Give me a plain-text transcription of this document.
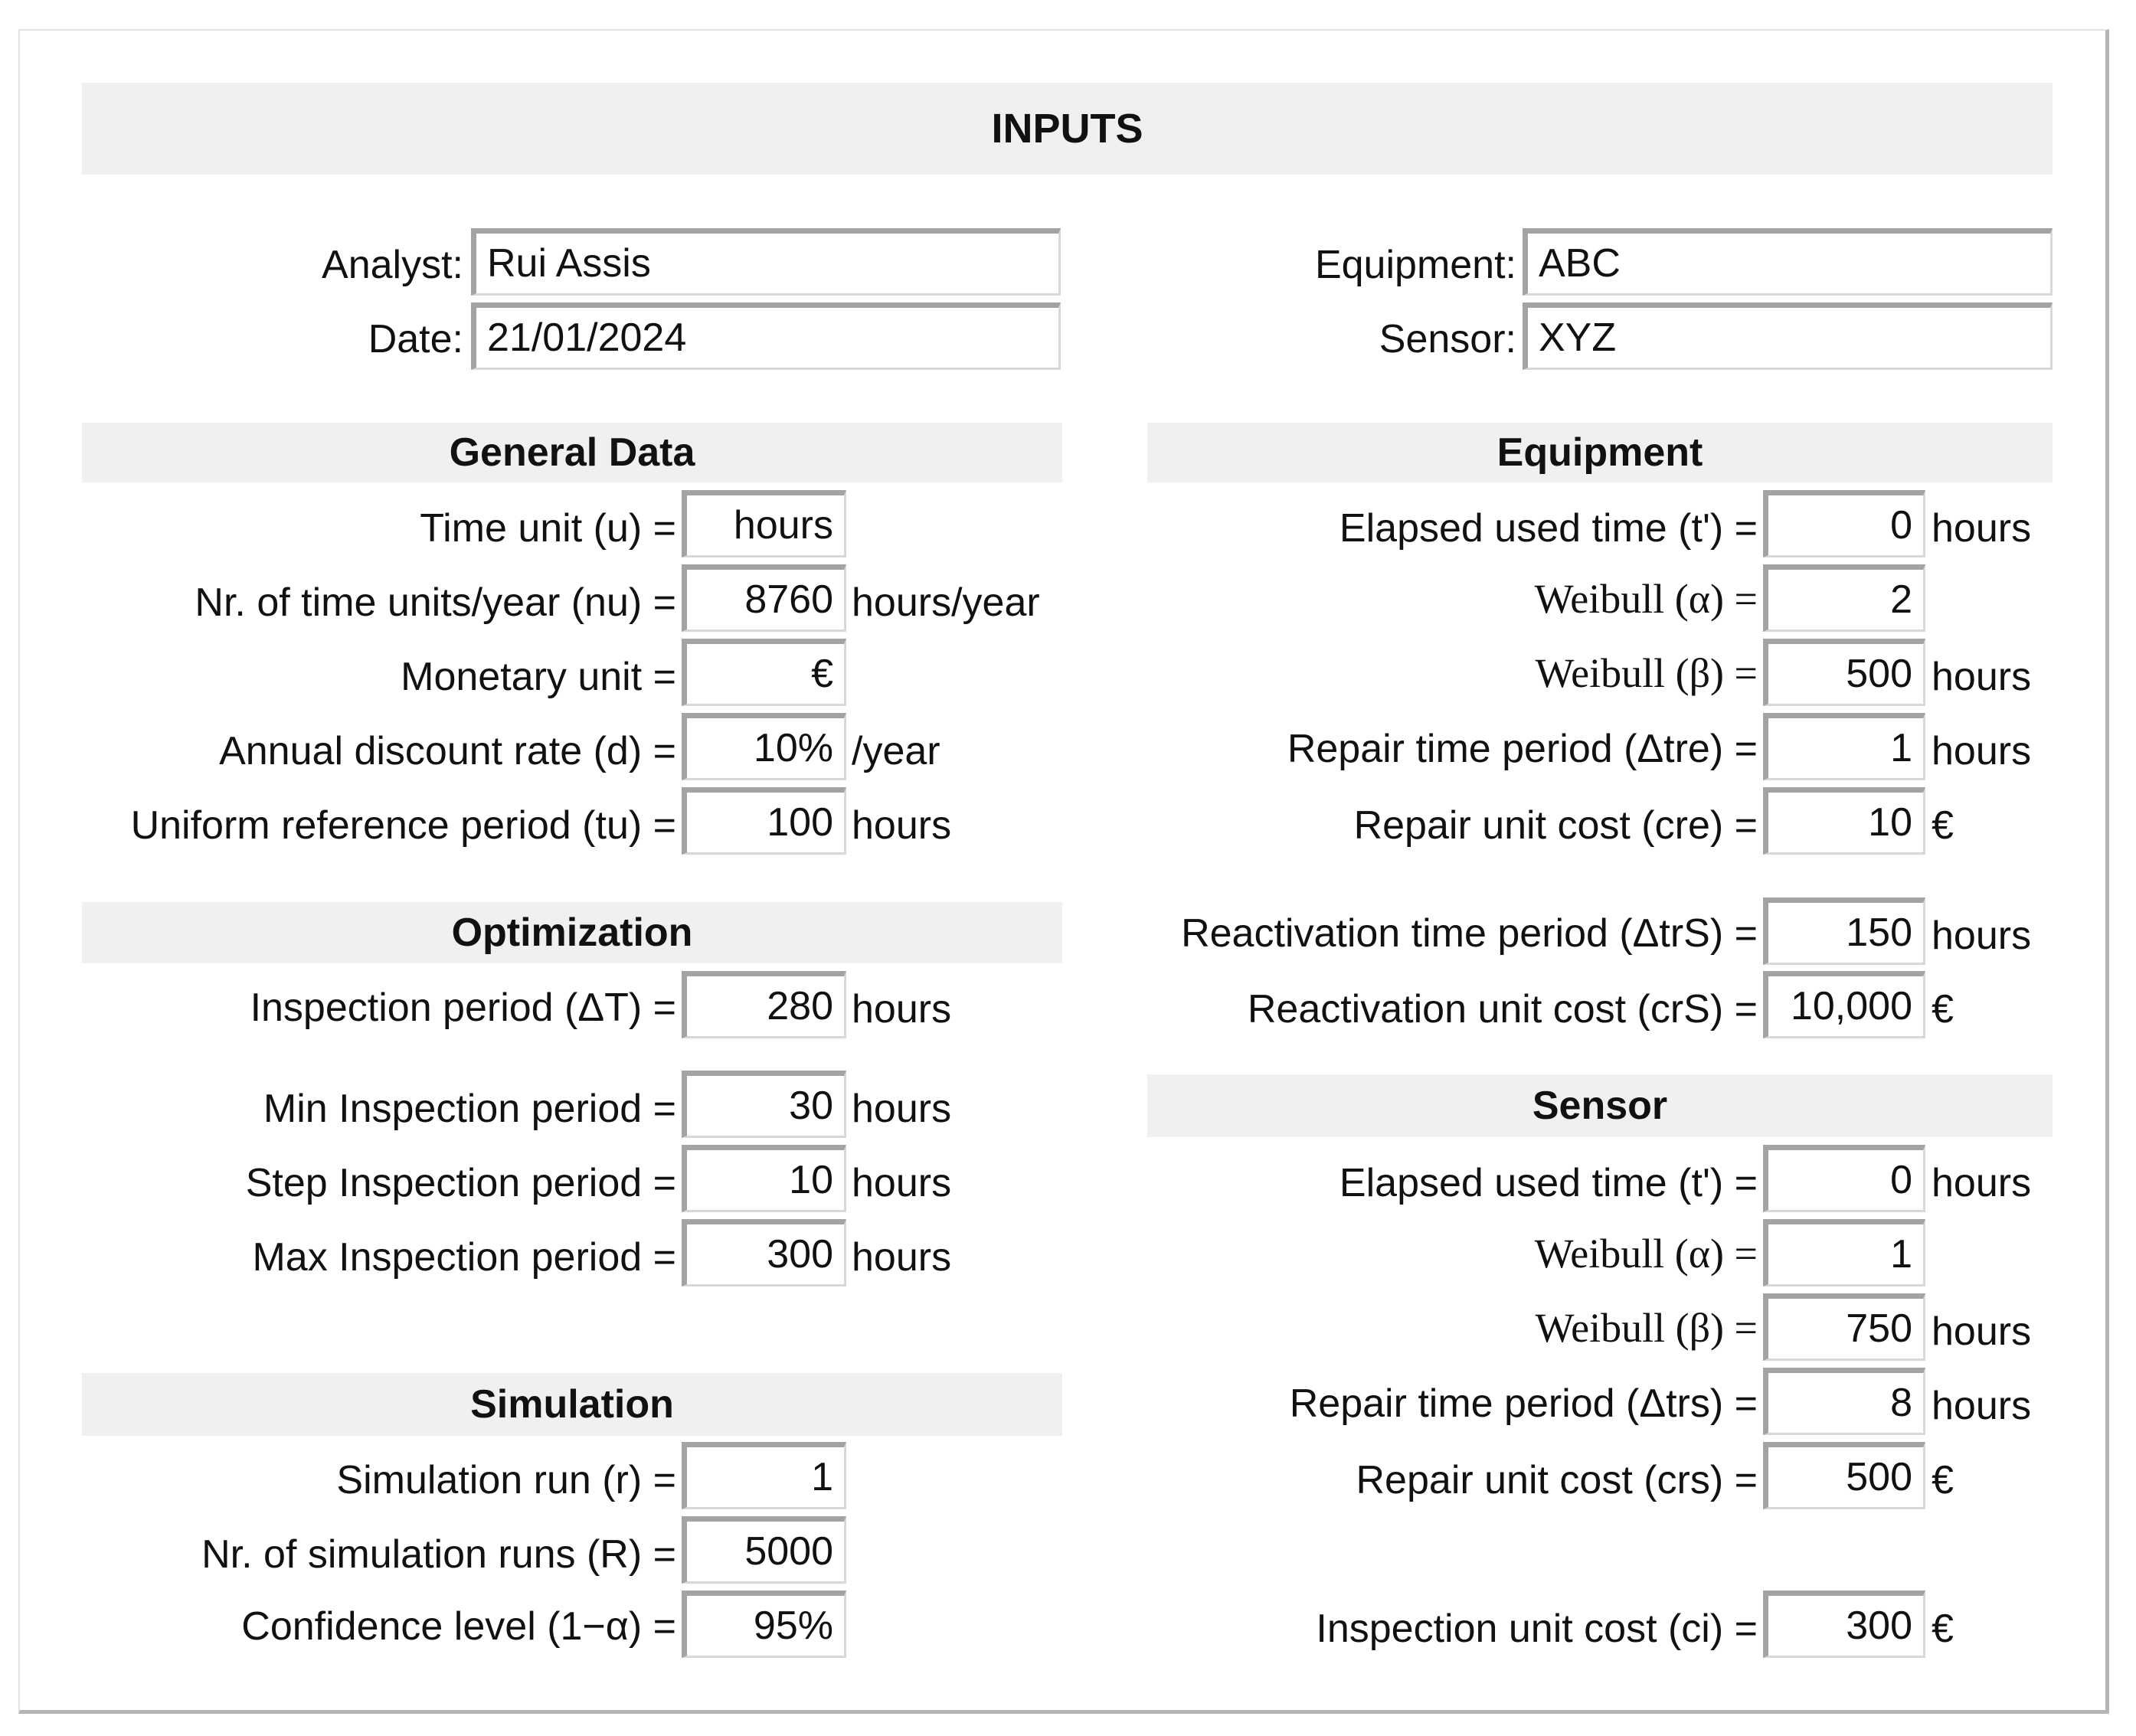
INPUTS
Analyst: Rui Assis
Date: 21/01/2024
Equipment: ABC
Sensor: XYZ
General Data
Optimization
Simulation
Equipment
Sensor
Time unit (u) =	hours
Nr. of time units/year (nu) =	8760 hours/year
Monetary unit =	€
Annual discount rate (d) =	10% /year
Uniform reference period (tu) =	100 hours
Inspection period (ΔT) =	280 hours
Min Inspection period =	30 hours
Step Inspection period =	10 hours
Max Inspection period =	300 hours
Simulation run (r) =	1
Nr. of simulation runs (R) =	5000
Confidence level (1−α) =	95%
Elapsed used time (t') =	0 hours
Weibull (α) =	2
Weibull (β) =	500 hours
Repair time period (Δtre) =	1 hours
Repair unit cost (cre) =	10 €
Reactivation time period (ΔtrS) =	150 hours
Reactivation unit cost (crS) = 10,000 €
Elapsed used time (t') =	0 hours
Weibull (α) =	1
Weibull (β) =	750 hours
Repair time period (Δtrs) =	8 hours
Repair unit cost (crs) =	500 €
Inspection unit cost (ci) =	300 €
